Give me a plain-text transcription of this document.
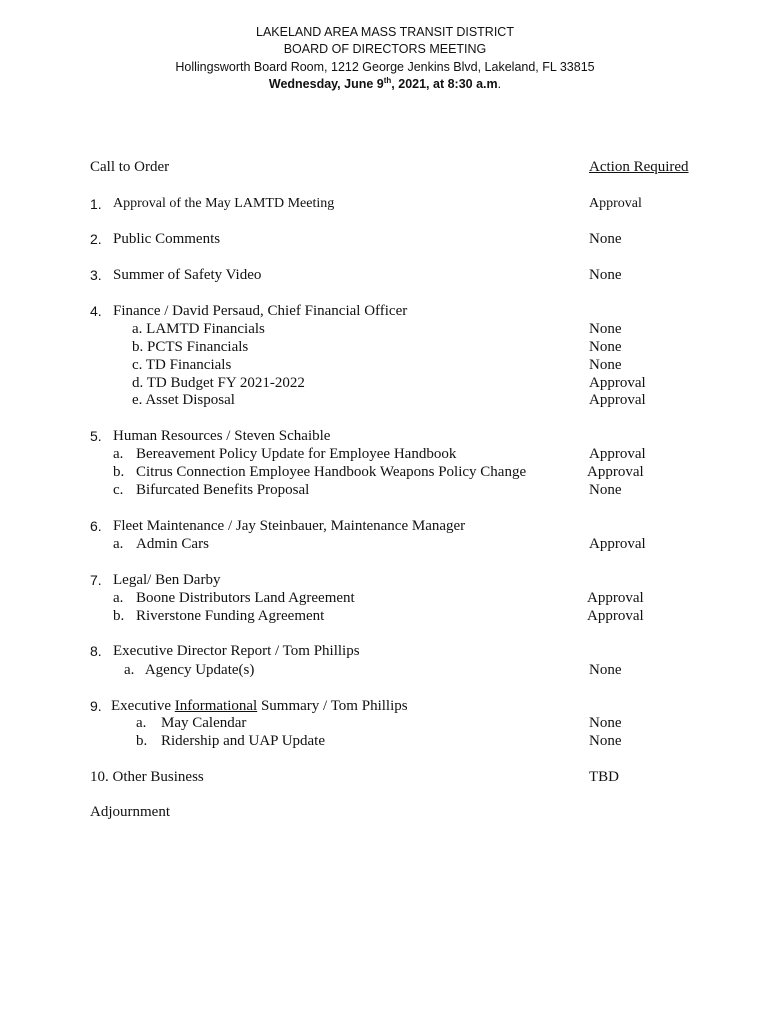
LAKELAND AREA MASS TRANSIT DISTRICT
BOARD OF DIRECTORS MEETING
Hollingsworth Board Room, 1212 George Jenkins Blvd, Lakeland, FL 33815
Wednesday, June 9th, 2021, at 8:30 a.m.
Call to Order	Action Required
1. Approval of the May LAMTD Meeting	Approval
2. Public Comments	None
3. Summer of Safety Video	None
4. Finance / David Persaud, Chief Financial Officer
a. LAMTD Financials	None
b. PCTS Financials	None
c. TD Financials	None
d. TD Budget FY 2021-2022	Approval
e. Asset Disposal	Approval
5. Human Resources / Steven Schaible
a. Bereavement Policy Update for Employee Handbook	Approval
b. Citrus Connection Employee Handbook Weapons Policy Change	Approval
c. Bifurcated Benefits Proposal	None
6. Fleet Maintenance / Jay Steinbauer, Maintenance Manager
a. Admin Cars	Approval
7. Legal/ Ben Darby
a. Boone Distributors Land Agreement	Approval
b. Riverstone Funding Agreement	Approval
8. Executive Director Report / Tom Phillips
a.   Agency Update(s)	None
9. Executive Informational Summary / Tom Phillips
a. May Calendar	None
b. Ridership and UAP Update	None
10. Other Business	TBD
Adjournment
